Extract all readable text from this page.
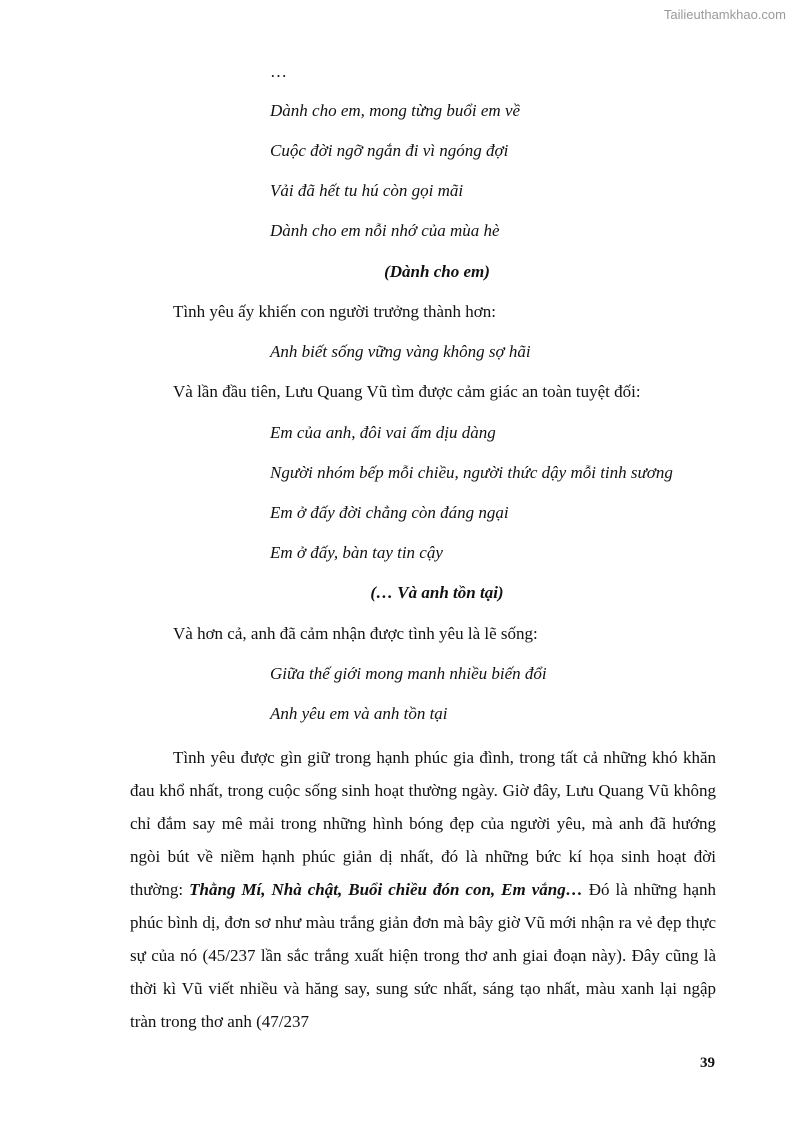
Tailieuthamkhao.com
…
Dành cho em, mong từng buổi em về
Cuộc đời ngỡ ngắn đi vì ngóng đợi
Vải đã hết tu hú còn gọi mãi
Dành cho em nỗi nhớ của mùa hè
(Dành cho em)
Tình yêu ấy khiến con người trưởng thành hơn:
Anh biết sống vững vàng không sợ hãi
Và lần đầu tiên, Lưu Quang Vũ tìm được cảm giác an toàn tuyệt đối:
Em của anh, đôi vai ấm dịu dàng
Người nhóm bếp mỗi chiều, người thức dậy mỗi tinh sương
Em ở đấy đời chẳng còn đáng ngại
Em ở đấy, bàn tay tin cậy
(… Và anh tồn tại)
Và hơn cả, anh đã cảm nhận được tình yêu là lẽ sống:
Giữa thế giới mong manh nhiều biến đổi
Anh yêu em và anh tồn tại
Tình yêu được gìn giữ trong hạnh phúc gia đình, trong tất cả những khó khăn đau khổ nhất, trong cuộc sống sinh hoạt thường ngày. Giờ đây, Lưu Quang Vũ không chỉ đắm say mê mải trong những hình bóng đẹp của người yêu, mà anh đã hướng ngòi bút về niềm hạnh phúc giản dị nhất, đó là những bức kí họa sinh hoạt đời thường: Thằng Mí, Nhà chật, Buổi chiều đón con, Em vắng… Đó là những hạnh phúc bình dị, đơn sơ như màu trắng giản đơn mà bây giờ Vũ mới nhận ra vẻ đẹp thực sự của nó (45/237 lần sắc trắng xuất hiện trong thơ anh giai đoạn này). Đây cũng là thời kì Vũ viết nhiều và hăng say, sung sức nhất, sáng tạo nhất, màu xanh lại ngập tràn trong thơ anh (47/237
39
